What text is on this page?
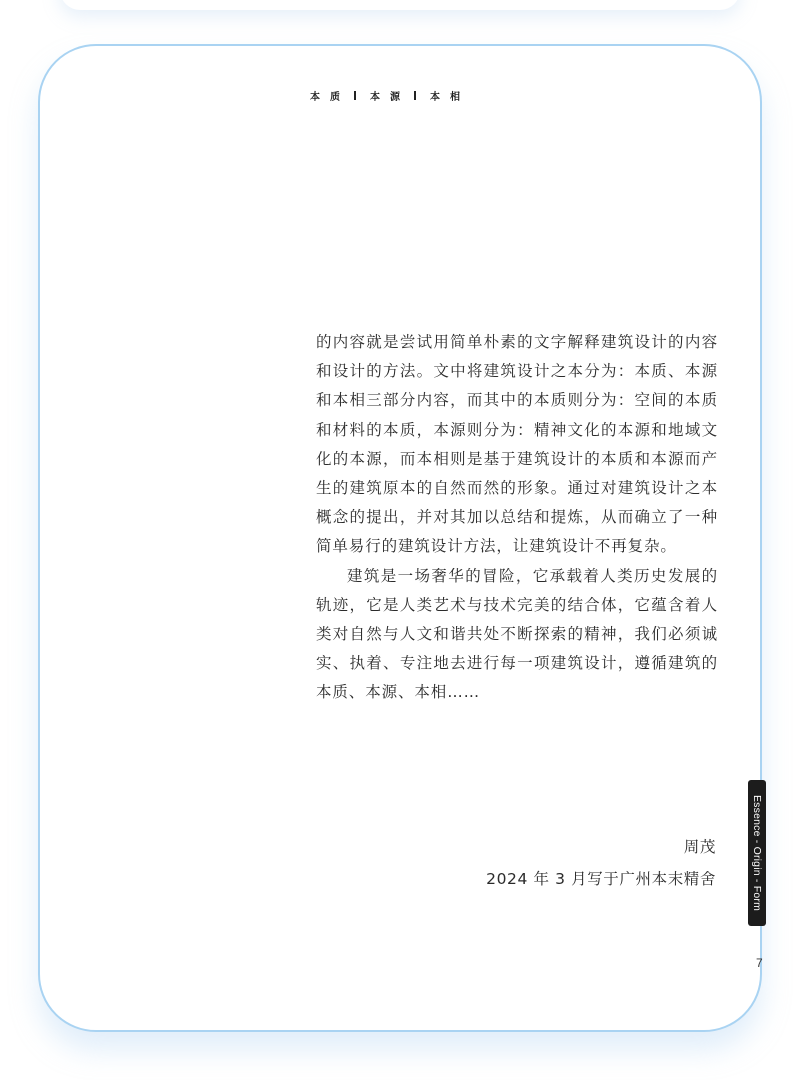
本质 本源 本相

的内容就是尝试用简单朴素的文字解释建筑设计的内容和设计的方法。文中将建筑设计之本分为：本质、本源和本相三部分内容，而其中的本质则分为：空间的本质和材料的本质，本源则分为：精神文化的本源和地域文化的本源，而本相则是基于建筑设计的本质和本源而产生的建筑原本的自然而然的形象。通过对建筑设计之本概念的提出，并对其加以总结和提炼，从而确立了一种简单易行的建筑设计方法，让建筑设计不再复杂。

建筑是一场奢华的冒险，它承载着人类历史发展的轨迹，它是人类艺术与技术完美的结合体，它蕴含着人类对自然与人文和谐共处不断探索的精神，我们必须诚实、执着、专注地去进行每一项建筑设计，遵循建筑的本质、本源、本相……

周茂
2024 年 3 月写于广州本末精舍	Essence - Origin - Form
7
